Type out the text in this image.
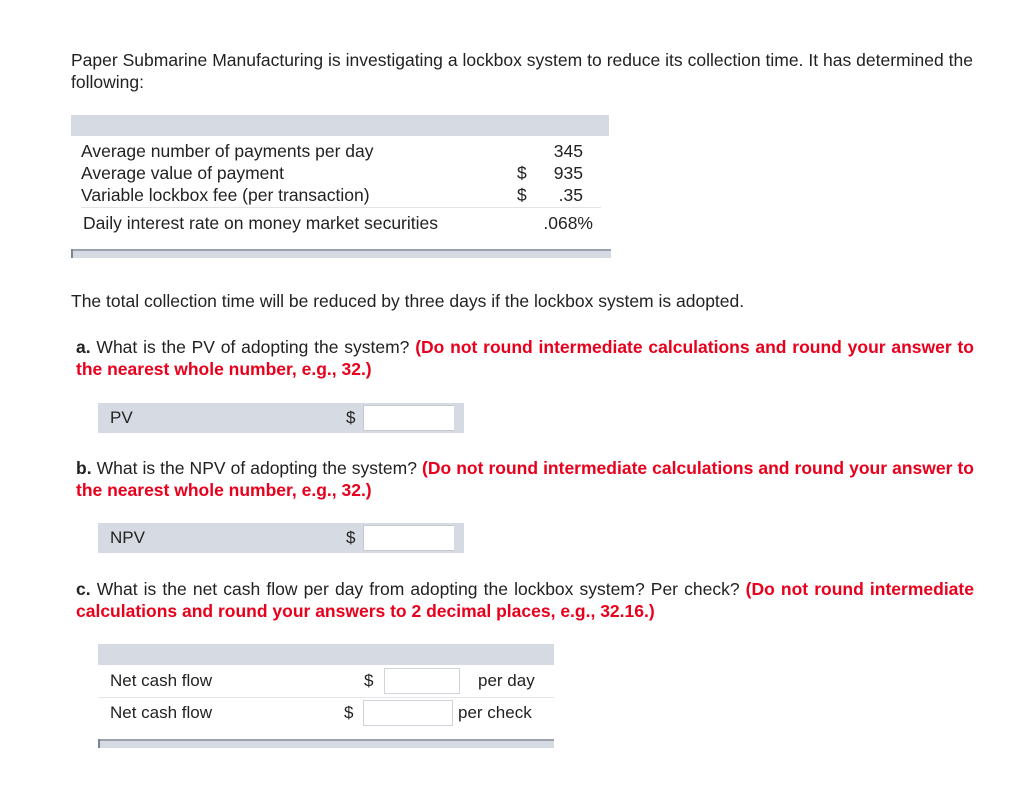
Paper Submarine Manufacturing is investigating a lockbox system to reduce its collection time. It has determined the following:
Average number of payments per day	345
Average value of payment	$ 935
Variable lockbox fee (per transaction)	$ .35
Daily interest rate on money market securities	.068%
The total collection time will be reduced by three days if the lockbox system is adopted.
a. What is the PV of adopting the system? (Do not round intermediate calculations and round your answer to the nearest whole number, e.g., 32.)
PV	$
b. What is the NPV of adopting the system? (Do not round intermediate calculations and round your answer to the nearest whole number, e.g., 32.)
NPV	$
c. What is the net cash flow per day from adopting the lockbox system? Per check? (Do not round intermediate calculations and round your answers to 2 decimal places, e.g., 32.16.)
Net cash flow	$	per day
Net cash flow	$	per check
